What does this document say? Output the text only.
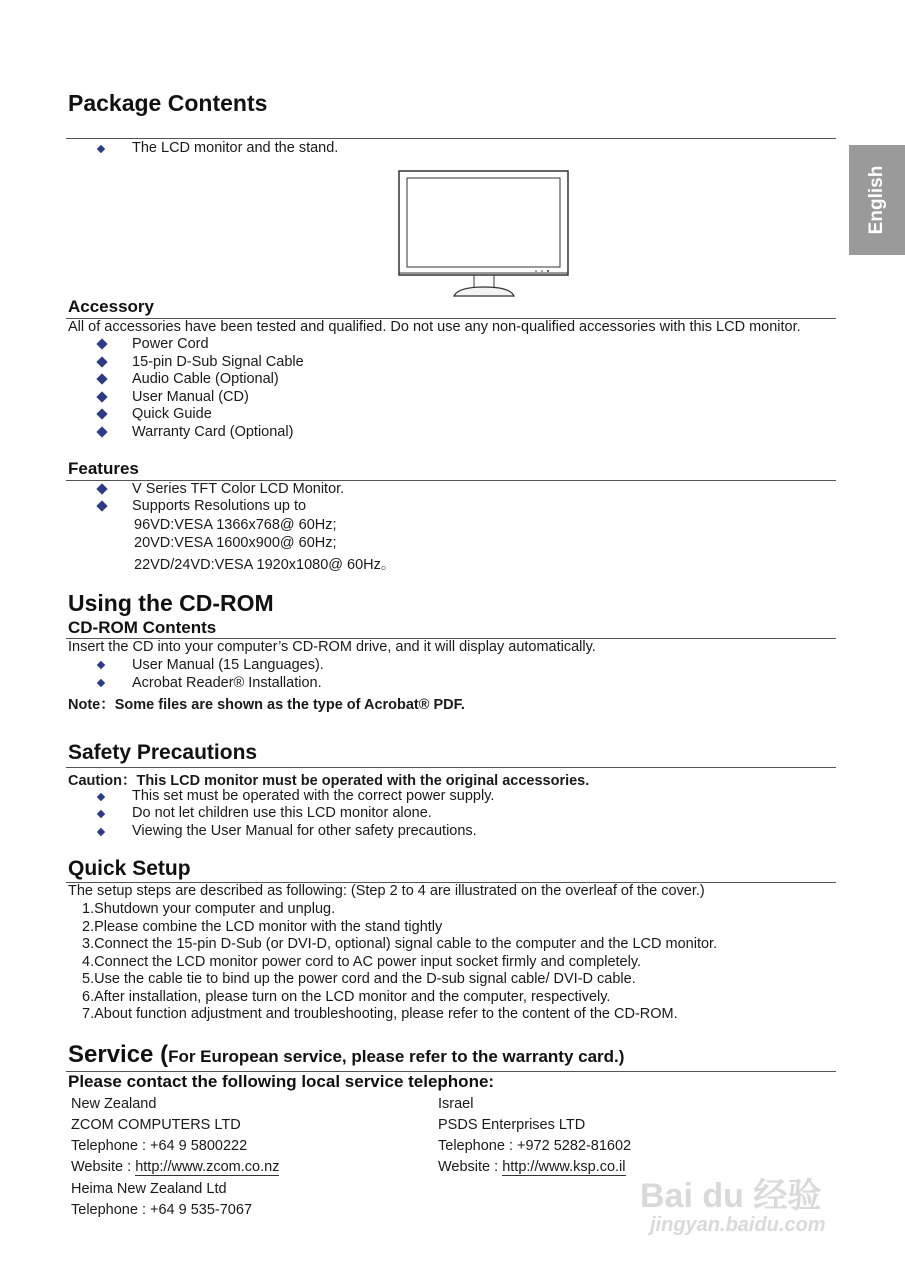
English
Package Contents
The LCD monitor and the stand.
Accessory
All of accessories have been tested and qualified. Do not use any non-qualified accessories with this LCD monitor.
Power Cord
15-pin D-Sub Signal Cable
Audio Cable (Optional)
User Manual (CD)
Quick Guide
Warranty Card (Optional)
Features
V Series TFT Color LCD Monitor.
Supports Resolutions up to
96VD:VESA 1366x768@ 60Hz;
20VD:VESA 1600x900@ 60Hz;
22VD/24VD:VESA 1920x1080@ 60Hz。
Using the CD-ROM
CD-ROM Contents
Insert the CD into your computer’s CD-ROM drive, and it will display automatically.
User Manual (15 Languages).
Acrobat Reader® Installation.
Note：Some files are shown as the type of Acrobat® PDF.
Safety Precautions
Caution：This LCD monitor must be operated with the original accessories.
This set must be operated with the correct power supply.
Do not let children use this LCD monitor alone.
Viewing the User Manual for other safety precautions.
Quick Setup
The setup steps are described as following: (Step 2 to 4 are illustrated on the overleaf of the cover.)
1.Shutdown your computer and unplug.
2.Please combine the LCD monitor with the stand tightly
3.Connect the 15-pin D-Sub (or DVI-D, optional) signal cable to the computer and the LCD monitor.
4.Connect the LCD monitor power cord to AC power input socket firmly and completely.
5.Use the cable tie to bind up the power cord and the D-sub signal cable/ DVI-D cable.
6.After installation, please turn on the LCD monitor and the computer, respectively.
7.About function adjustment and troubleshooting, please refer to the content of the CD-ROM.
Service (For European service, please refer to the warranty card.)
Please contact the following local service telephone:
New Zealand
ZCOM COMPUTERS LTD
Telephone : +64 9 5800222
Website : http://www.zcom.co.nz
Heima New Zealand Ltd
Telephone : +64 9 535-7067
Israel
PSDS Enterprises LTD
Telephone : +972 5282-81602
Website : http://www.ksp.co.il
Bai du 经验
jingyan.baidu.com
